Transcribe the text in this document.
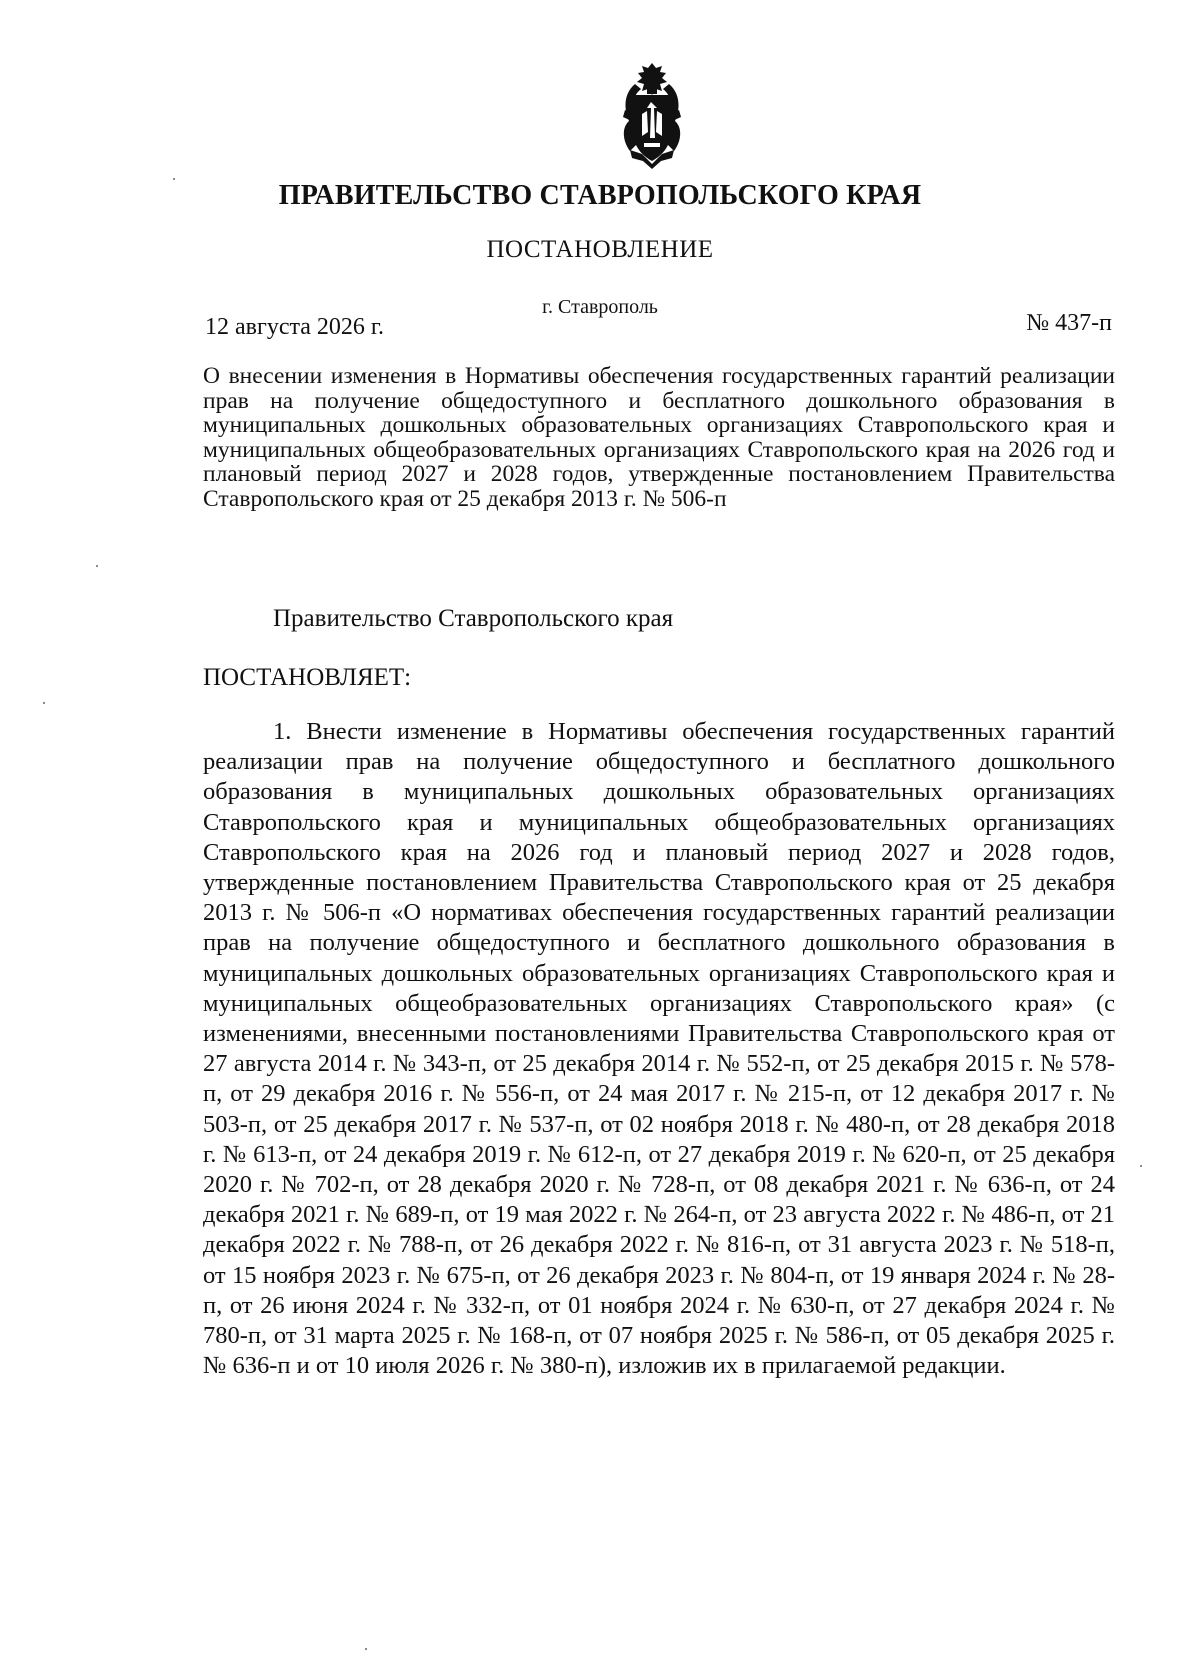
ПРАВИТЕЛЬСТВО СТАВРОПОЛЬСКОГО КРАЯ
ПОСТАНОВЛЕНИЕ
г. Ставрополь
12 августа 2026 г.	№ 437-п
О внесении изменения в Нормативы обеспечения государственных гарантий реализации прав на получение общедоступного и бесплатного дошкольного образования в муниципальных дошкольных образовательных организациях Ставропольского края и муниципальных общеобразовательных организациях Ставропольского края на 2026 год и плановый период 2027 и 2028 годов, утвержденные постановлением Правительства Ставропольского края от 25 декабря 2013 г. № 506-п
Правительство Ставропольского края
ПОСТАНОВЛЯЕТ:
1. Внести изменение в Нормативы обеспечения государственных гарантий реализации прав на получение общедоступного и бесплатного дошкольного образования в муниципальных дошкольных образовательных организациях Ставропольского края и муниципальных общеобразовательных организациях Ставропольского края на 2026 год и плановый период 2027 и 2028 годов, утвержденные постановлением Правительства Ставропольского края от 25 декабря 2013 г. № 506-п «О нормативах обеспечения государственных гарантий реализации прав на получение общедоступного и бесплатного дошкольного образования в муниципальных дошкольных образовательных организациях Ставропольского края и муниципальных общеобразовательных организациях Ставропольского края» (с изменениями, внесенными постановлениями Правительства Ставропольского края от 27 августа 2014 г. № 343-п, от 25 декабря 2014 г. № 552-п, от 25 декабря 2015 г. № 578-п, от 29 декабря 2016 г. № 556-п, от 24 мая 2017 г. № 215-п, от 12 декабря 2017 г. № 503-п, от 25 декабря 2017 г. № 537-п, от 02 ноября 2018 г. № 480-п, от 28 декабря 2018 г. № 613-п, от 24 декабря 2019 г. № 612-п, от 27 декабря 2019 г. № 620-п, от 25 декабря 2020 г. № 702-п, от 28 декабря 2020 г. № 728-п, от 08 декабря 2021 г. № 636-п, от 24 декабря 2021 г. № 689-п, от 19 мая 2022 г. № 264-п, от 23 августа 2022 г. № 486-п, от 21 декабря 2022 г. № 788-п, от 26 декабря 2022 г. № 816-п, от 31 августа 2023 г. № 518-п, от 15 ноября 2023 г. № 675-п, от 26 декабря 2023 г. № 804-п, от 19 января 2024 г. № 28-п, от 26 июня 2024 г. № 332-п, от 01 ноября 2024 г. № 630-п, от 27 декабря 2024 г. № 780-п, от 31 марта 2025 г. № 168-п, от 07 ноября 2025 г. № 586-п, от 05 декабря 2025 г. № 636-п и от 10 июля 2026 г. № 380-п), изложив их в прилагаемой редакции.
